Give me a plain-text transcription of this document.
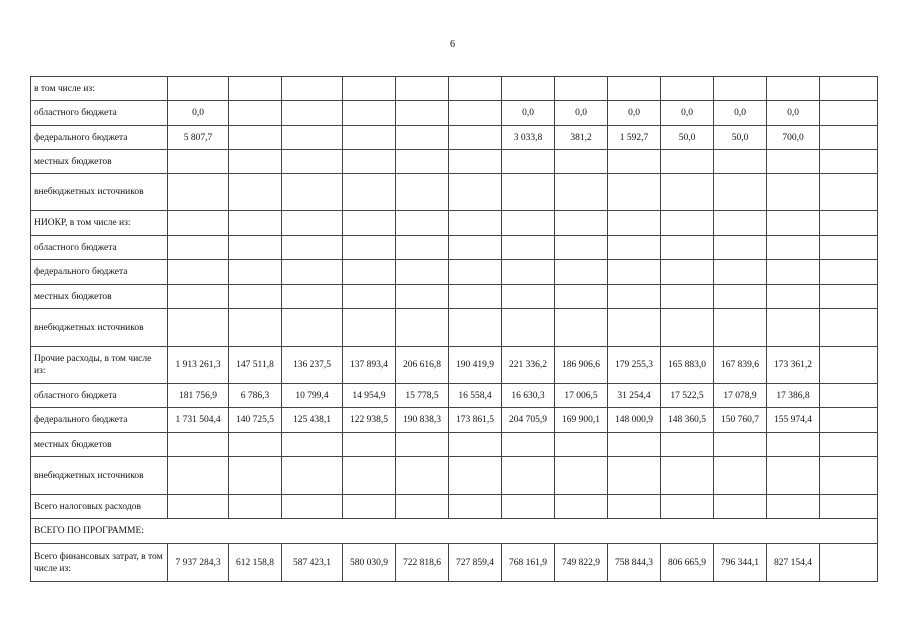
6
в том числе из:													
областного бюджета	0,0						0,0	0,0	0,0	0,0	0,0	0,0	
федерального бюджета	5 807,7						3 033,8	381,2	1 592,7	50,0	50,0	700,0	
местных бюджетов													
внебюджетных источников													
НИОКР, в том числе из:													
областного бюджета													
федерального бюджета													
местных бюджетов													
внебюджетных источников													
Прочие расходы, в том числе из:	1 913 261,3	147 511,8	136 237,5	137 893,4	206 616,8	190 419,9	221 336,2	186 906,6	179 255,3	165 883,0	167 839,6	173 361,2	
областного бюджета	181 756,9	6 786,3	10 799,4	14 954,9	15 778,5	16 558,4	16 630,3	17 006,5	31 254,4	17 522,5	17 078,9	17 386,8	
федерального бюджета	1 731 504,4	140 725,5	125 438,1	122 938,5	190 838,3	173 861,5	204 705,9	169 900,1	148 000,9	148 360,5	150 760,7	155 974,4	
местных бюджетов													
внебюджетных источников													
Всего налоговых расходов													
ВСЕГО ПО ПРОГРАММЕ:													
Всего финансовых затрат, в том числе из:	7 937 284,3	612 158,8	587 423,1	580 030,9	722 818,6	727 859,4	768 161,9	749 822,9	758 844,3	806 665,9	796 344,1	827 154,4	
